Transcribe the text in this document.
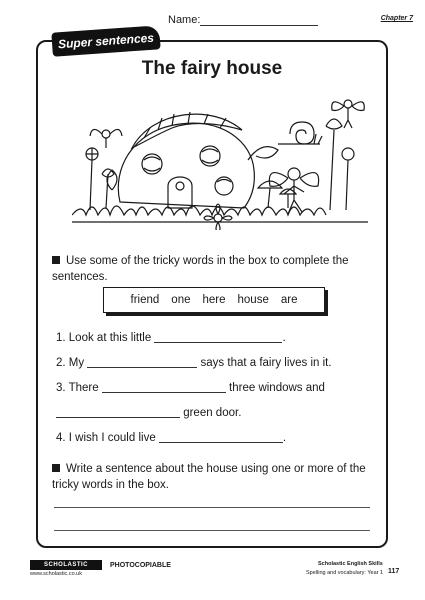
Name:	Chapter 7
Super sentences
The fairy house
Use some of the tricky words in the box to complete the sentences.
friend one here house are
1. Look at this little	.
2. My	says that a fairy lives in it.
3. There	three windows and
green door.
4. I wish I could live	.
Write a sentence about the house using one or more of the tricky words in the box.
SCHOLASTIC
www.scholastic.co.uk
PHOTOCOPIABLE	Scholastic English Skills
Spelling and vocabulary: Year 1 117
